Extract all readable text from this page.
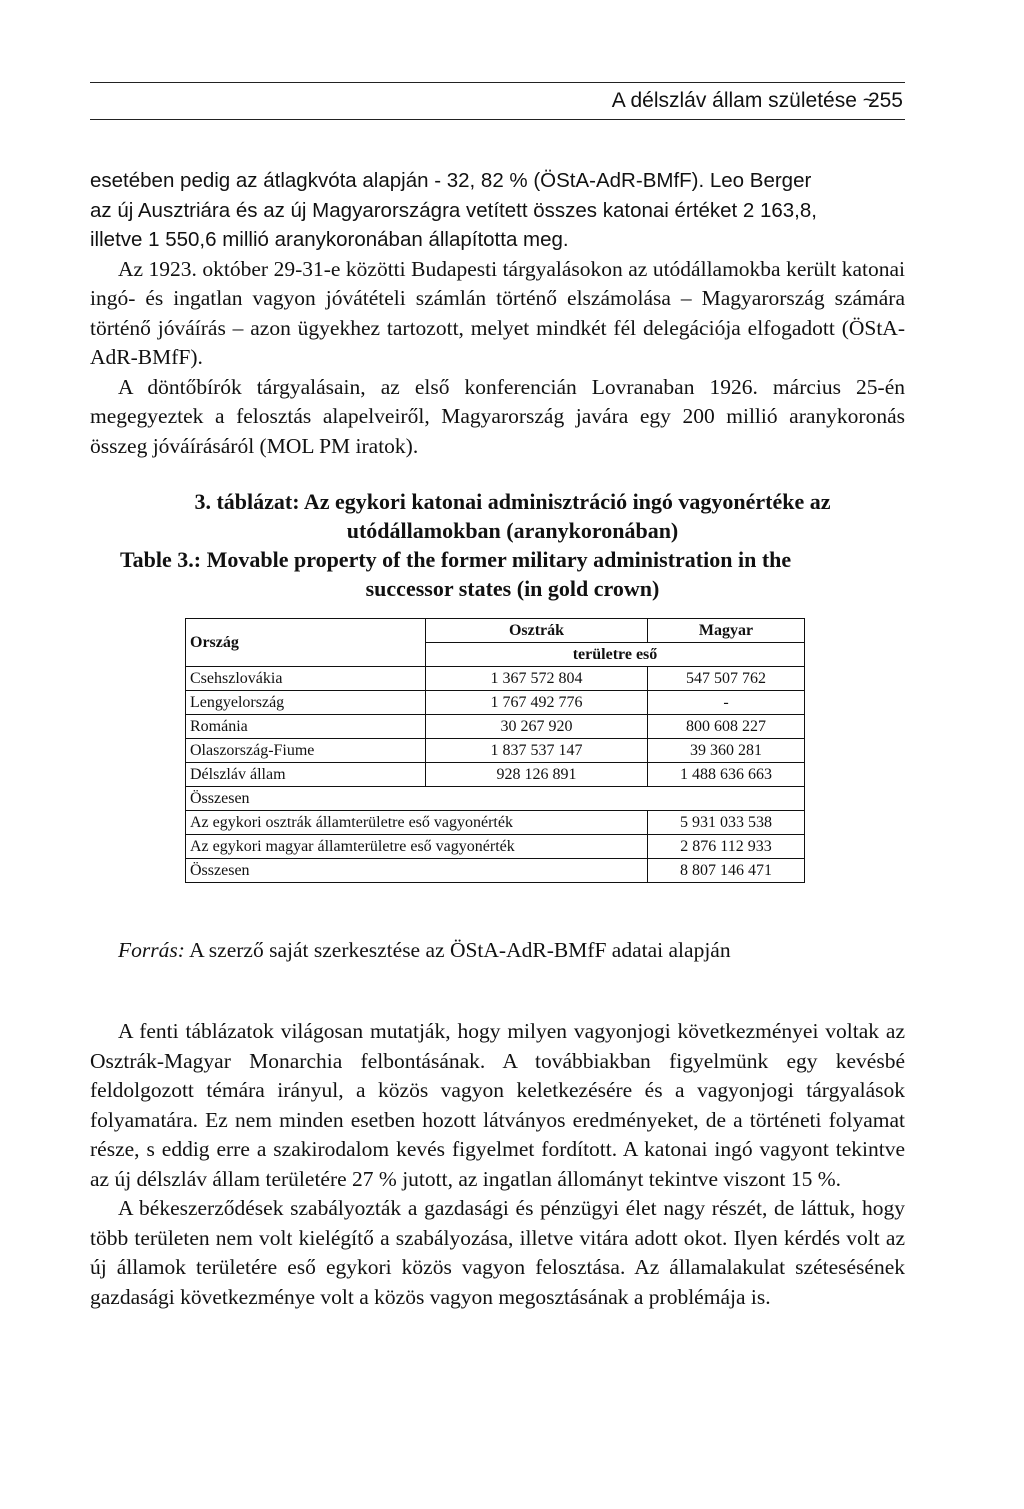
A délszláv állam születése ~
255

esetében pedig az átlagkvóta alapján - 32, 82 % (ÖStA-AdR-BMfF). Leo Berger

az új Ausztriára és az új Magyarországra vetített összes katonai értéket 2 163,8,

illetve 1 550,6 millió aranykoronában állapította meg.

Az 1923. október 29-31-e közötti Budapesti tárgyalásokon az utódállamokba került katonai ingó- és ingatlan vagyon jóvátételi számlán történő elszámolása – Magyarország számára történő jóváírás – azon ügyekhez tartozott, melyet mindkét fél delegációja elfogadott (ÖStA-AdR-BMfF).

A döntőbírók tárgyalásain, az első konferencián Lovranaban 1926. március 25-én megegyeztek a felosztás alapelveiről, Magyarország javára egy 200 millió aranykoronás összeg jóváírásáról (MOL PM iratok).

3. táblázat: Az egykori katonai adminisztráció ingó vagyonértéke az
utódállamokban (aranykoronában)
Table 3.: Movable property of the former military administration in the
successor states (in gold crown)
Ország	Osztrák	Magyar
	területre eső	
Csehszlovákia	1 367 572 804	547 507 762
Lengyelország	1 767 492 776	-
Románia	30 267 920	800 608 227
Olaszország-Fiume	1 837 537 147	39 360 281
Délszláv állam	928 126 891	1 488 636 663
Összesen		
Az egykori osztrák államterületre eső vagyonérték		5 931 033 538
Az egykori magyar államterületre eső vagyonérték		2 876 112 933
Összesen		8 807 146 471
Forrás: A szerző saját szerkesztése az ÖStA-AdR-BMfF adatai alapján

A fenti táblázatok világosan mutatják, hogy milyen vagyonjogi következményei voltak az Osztrák-Magyar Monarchia felbontásának. A továbbiakban figyelmünk egy kevésbé feldolgozott témára irányul, a közös vagyon keletkezésére és a vagyonjogi tárgyalások folyamatára. Ez nem minden esetben hozott látványos eredményeket, de a történeti folyamat része, s eddig erre a szakirodalom kevés figyelmet fordított. A katonai ingó vagyont tekintve az új délszláv állam területére 27 % jutott, az ingatlan állományt tekintve viszont 15 %.

A békeszerződések szabályozták a gazdasági és pénzügyi élet nagy részét, de láttuk, hogy több területen nem volt kielégítő a szabályozása, illetve vitára adott okot. Ilyen kérdés volt az új államok területére eső egykori közös vagyon felosztása. Az államalakulat szétesésének gazdasági következménye volt a közös vagyon megosztásának a problémája is.
